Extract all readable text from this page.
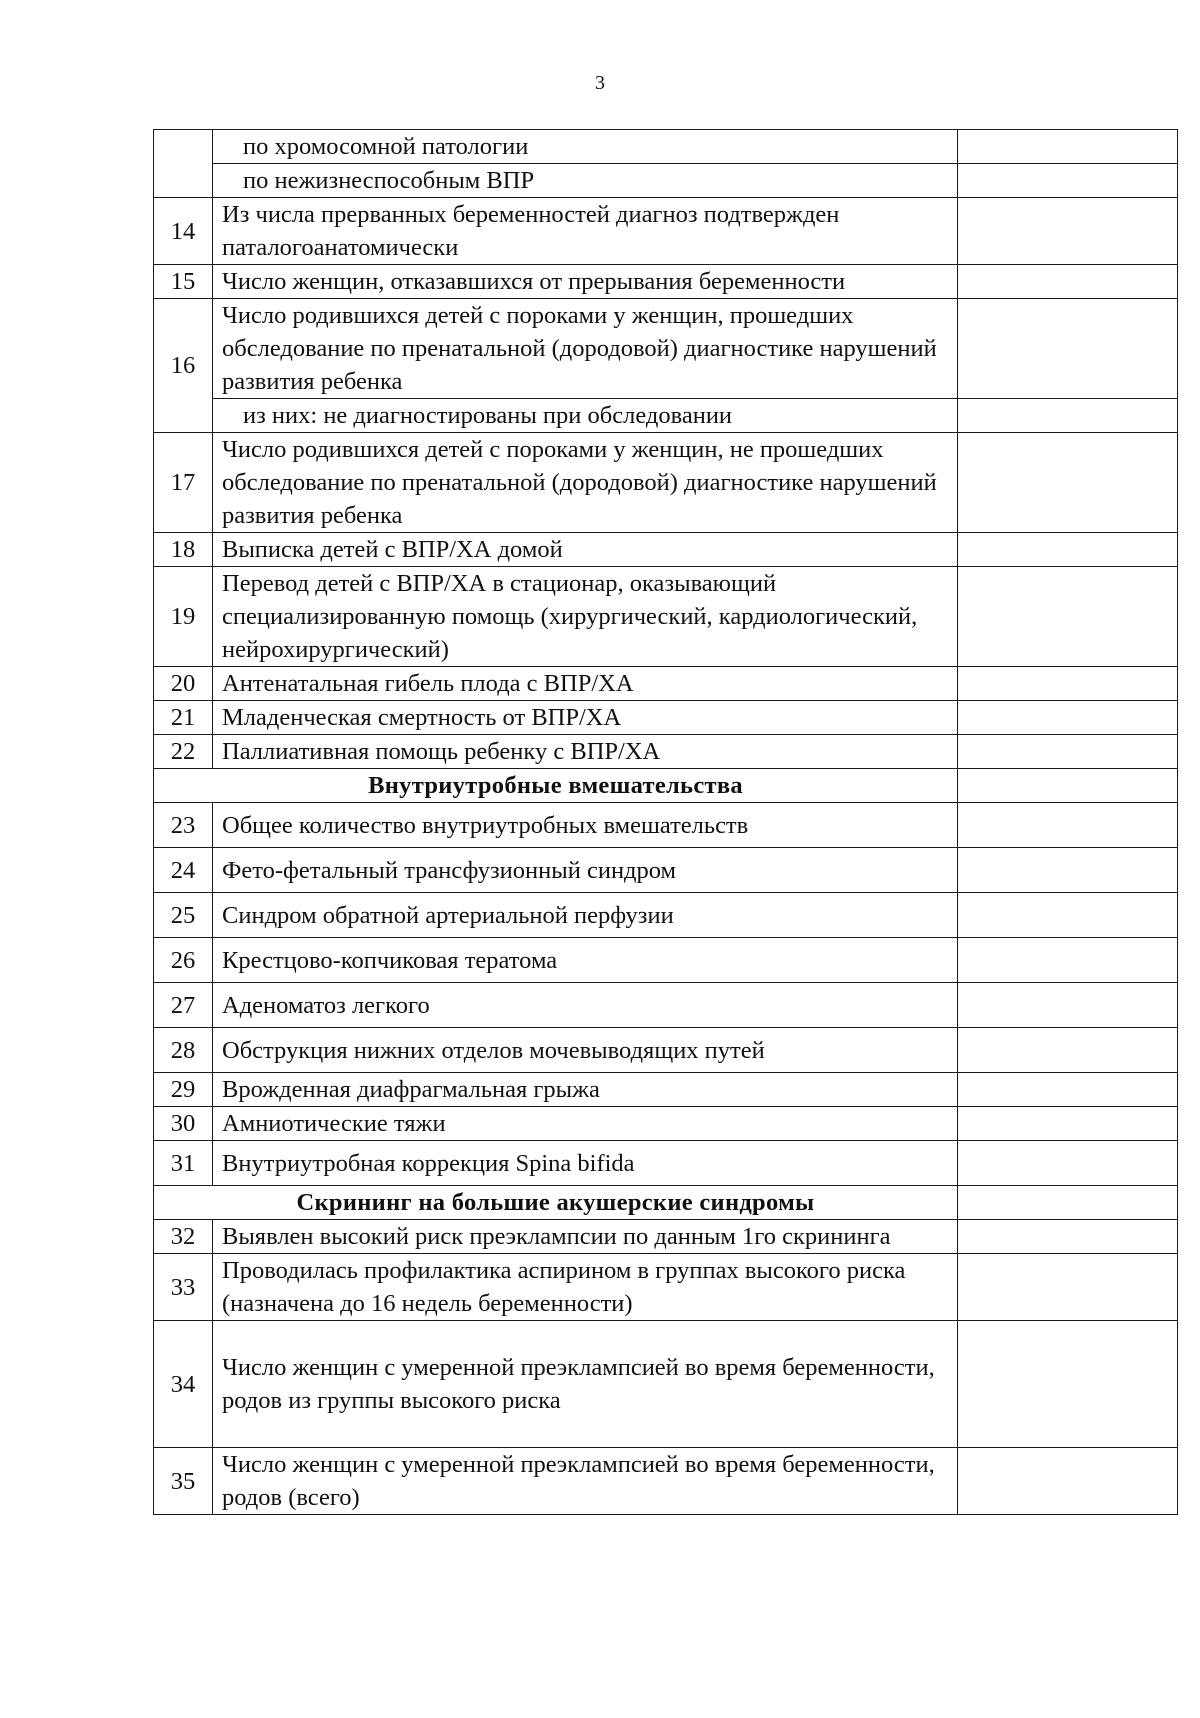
3
	по хромосомной патологии	
	по нежизнеспособным ВПР	
14	Из числа прерванных беременностей диагноз подтвержден паталогоанатомически	
15	Число женщин, отказавшихся от прерывания беременности	
16	Число родившихся детей с пороками у женщин, прошедших обследование по пренатальной (дородовой) диагностике нарушений развития ребенка	
	из них: не диагностированы при обследовании	
17	Число родившихся детей с пороками у женщин, не прошедших обследование по пренатальной (дородовой) диагностике нарушений развития ребенка	
18	Выписка детей с ВПР/ХА домой	
19	Перевод детей с ВПР/ХА в стационар, оказывающий специализированную помощь (хирургический, кардиологический, нейрохирургический)	
20	Антенатальная гибель плода с ВПР/ХА	
21	Младенческая смертность от ВПР/ХА	
22	Паллиативная помощь ребенку с ВПР/ХА	
Внутриутробные вмешательства		
23	Общее количество внутриутробных вмешательств	
24	Фето-фетальный трансфузионный синдром	
25	Синдром обратной артериальной перфузии	
26	Крестцово-копчиковая тератома	
27	Аденоматоз легкого	
28	Обструкция нижних отделов мочевыводящих путей	
29	Врожденная диафрагмальная грыжа	
30	Амниотические тяжи	
31	Внутриутробная коррекция Spina bifida	
Скрининг на большие акушерские синдромы		
32	Выявлен высокий риск преэклампсии по данным 1го скрининга	
33	Проводилась профилактика аспирином в группах высокого риска (назначена до 16 недель беременности)	
34	Число женщин с умеренной преэклампсией во время беременности, родов из группы высокого риска	
35	Число женщин с умеренной преэклампсией во время беременности, родов (всего)	
